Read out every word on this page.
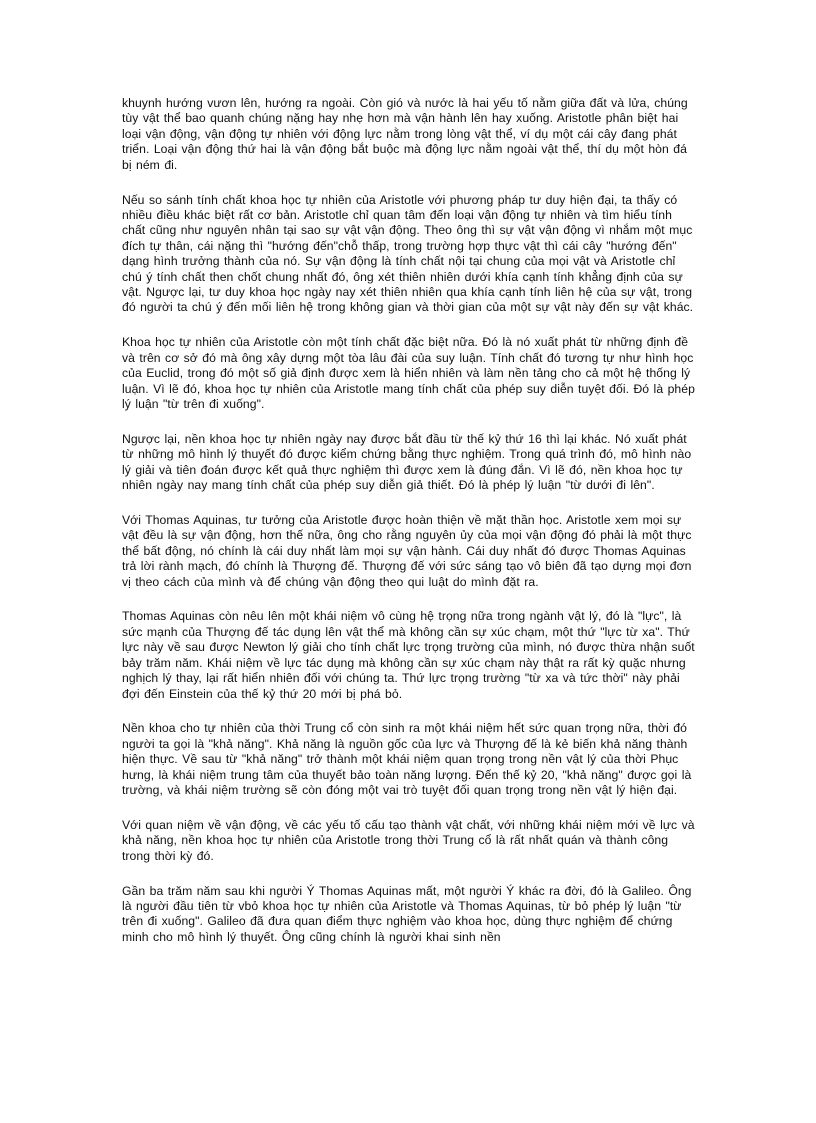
khuynh hướng vươn lên, hướng ra ngoài. Còn gió và nước là hai yếu tố nằm giữa đất và lửa, chúng tùy vật thể bao quanh chúng nặng hay nhẹ hơn mà vận hành lên hay xuống. Aristotle phân biệt hai loại vận động, vận động tự nhiên với động lực nằm trong lòng vật thể, ví dụ một cái cây đang phát triển. Loại vận động thứ hai là vận động bắt buộc mà động lực nằm ngoài vật thể, thí dụ một hòn đá bị ném đi.

Nếu so sánh tính chất khoa học tự nhiên của Aristotle với phương pháp tư duy hiện đại, ta thấy có nhiều điều khác biệt rất cơ bản. Aristotle chỉ quan tâm đến loại vận động tự nhiên và tìm hiểu tính chất cũng như nguyên nhân tại sao sự vật vận động. Theo ông thì sự vật vận động vì nhắm một mục đích tự thân, cái nặng thì "hướng đến"chỗ thấp, trong trường hợp thực vật thì cái cây "hướng đến" dạng hình trưởng thành của nó. Sự vận động là tính chất nội tại chung của mọi vật và Aristotle chỉ chú ý tính chất then chốt chung nhất đó, ông xét thiên nhiên dưới khía cạnh tính khẳng định của sự vật. Ngược lại, tư duy khoa học ngày nay xét thiên nhiên qua khía cạnh tính liên hệ của sự vật, trong đó người ta chú ý đến mối liên hệ trong không gian và thời gian của một sự vật này đến sự vật khác.

Khoa học tự nhiên của Aristotle còn một tính chất đặc biệt nữa. Đó là nó xuất phát từ những định đề và trên cơ sở đó mà ông xây dựng một tòa lâu đài của suy luận. Tính chất đó tương tự như hình học của Euclid, trong đó một số giả định được xem là hiển nhiên và làm nền tảng cho cả một hệ thống lý luận. Vì lẽ đó, khoa học tự nhiên của Aristotle mang tính chất của phép suy diễn tuyệt đối. Đó là phép lý luận "từ trên đi xuống".

Ngược lại, nền khoa học tự nhiên ngày nay được bắt đầu từ thế kỷ thứ 16 thì lại khác. Nó xuất phát từ những mô hình lý thuyết đó được kiểm chứng bằng thực nghiệm. Trong quá trình đó, mô hình nào lý giải và tiên đoán được kết quả thực nghiệm thì được xem là đúng đắn. Vì lẽ đó, nền khoa học tự nhiên ngày nay mang tính chất của phép suy diễn giả thiết. Đó là phép lý luận "từ dưới đi lên".

Với Thomas Aquinas, tư tưởng của Aristotle được hoàn thiện về mặt thần học. Aristotle xem mọi sự vật đều là sự vận động, hơn thế nữa, ông cho rằng nguyên ủy của mọi vận động đó phải là một thực thể bất động, nó chính là cái duy nhất làm mọi sự vận hành. Cái duy nhất đó được Thomas Aquinas trả lời rành mạch, đó chính là Thượng đế. Thượng đế với sức sáng tạo vô biên đã tạo dựng mọi đơn vị theo cách của mình và để chúng vận động theo qui luật do mình đặt ra.

Thomas Aquinas còn nêu lên một khái niệm vô cùng hệ trọng nữa trong ngành vật lý, đó là "lực", là sức mạnh của Thượng đế tác dụng lên vật thể mà không cần sự xúc chạm, một thứ "lực từ xa". Thứ lực này về sau được Newton lý giải cho tính chất lực trọng trường của mình, nó được thừa nhận suốt bảy trăm năm. Khái niệm về lực tác dụng mà không cần sự xúc chạm này thật ra rất kỳ quặc nhưng nghịch lý thay, lại rất hiển nhiên đối với chúng ta. Thứ lực trọng trường "từ xa và tức thời" này phải đợi đến Einstein của thế kỷ thứ 20 mới bị phá bỏ.

Nền khoa cho tự nhiên của thời Trung cổ còn sinh ra một khái niệm hết sức quan trọng nữa, thời đó người ta gọi là "khả năng". Khả năng là nguồn gốc của lực và Thượng đế là kẻ biến khả năng thành hiện thực. Về sau từ "khả năng" trở thành một khái niệm quan trọng trong nền vật lý của thời Phục hưng, là khái niệm trung tâm của thuyết bảo toàn năng lượng. Đến thế kỷ 20, "khả năng" được gọi là trường, và khái niệm trường sẽ còn đóng một vai trò tuyệt đối quan trọng trong nền vật lý hiện đại.

Với quan niệm về vận động, về các yếu tố cấu tạo thành vật chất, với những khái niệm mới về lực và khả năng, nền khoa học tự nhiên của Aristotle trong thời Trung cổ là rất nhất quán và thành công trong thời kỳ đó.

Gần ba trăm năm sau khi người Ý Thomas Aquinas mất, một người Ý khác ra đời, đó là Galileo. Ông là người đầu tiên từ vbỏ khoa học tự nhiên của Aristotle và Thomas Aquinas, từ bỏ phép lý luận "từ trên đi xuống". Galileo đã đưa quan điểm thực nghiệm vào khoa học, dùng thực nghiệm để chứng minh cho mô hình lý thuyết. Ông cũng chính là người khai sinh nền
